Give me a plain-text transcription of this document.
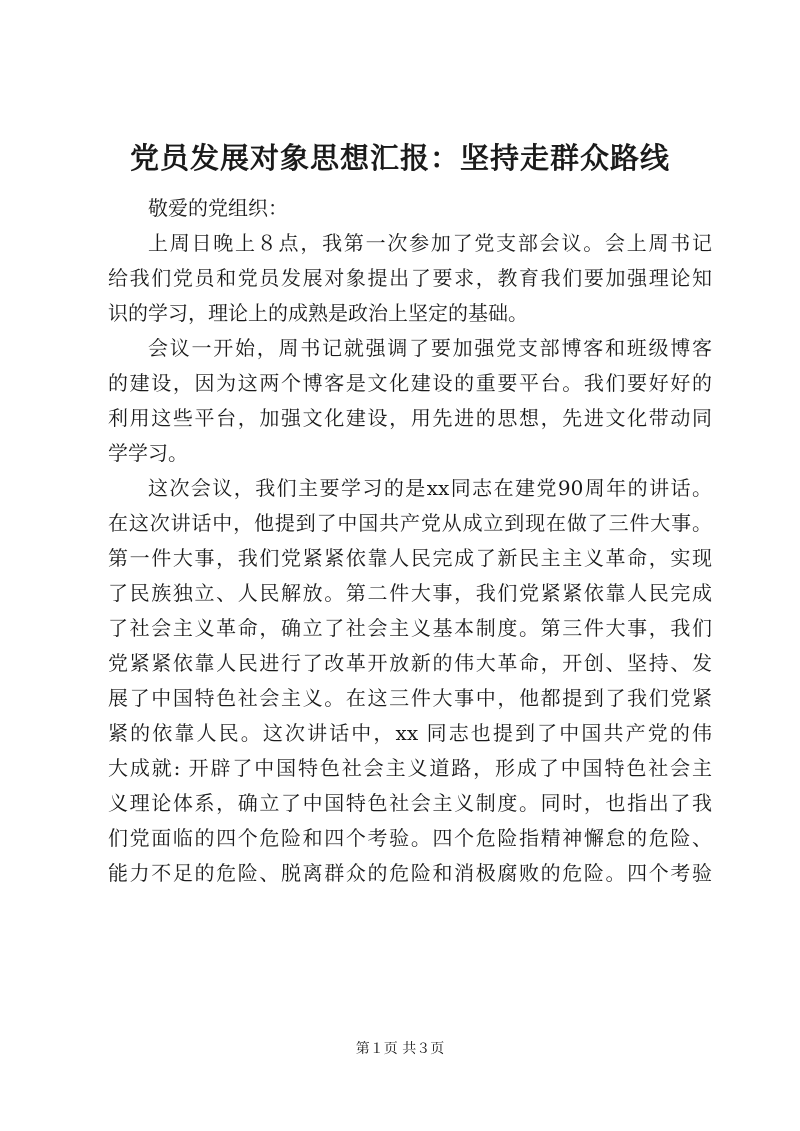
党员发展对象思想汇报：坚持走群众路线
敬爱的党组织：
上周日晚上８点，我第一次参加了党支部会议。会上周书记
给我们党员和党员发展对象提出了要求，教育我们要加强理论知
识的学习，理论上的成熟是政治上坚定的基础。
会议一开始，周书记就强调了要加强党支部博客和班级博客
的建设，因为这两个博客是文化建设的重要平台。我们要好好的
利用这些平台，加强文化建设，用先进的思想，先进文化带动同
学学习。
这次会议，我们主要学习的是xx同志在建党90周年的讲话。
在这次讲话中，他提到了中国共产党从成立到现在做了三件大事。
第一件大事，我们党紧紧依靠人民完成了新民主主义革命，实现
了民族独立、人民解放。第二件大事，我们党紧紧依靠人民完成
了社会主义革命，确立了社会主义基本制度。第三件大事，我们
党紧紧依靠人民进行了改革开放新的伟大革命，开创、坚持、发
展了中国特色社会主义。在这三件大事中，他都提到了我们党紧
紧的依靠人民。这次讲话中，xx 同志也提到了中国共产党的伟
大成就: 开辟了中国特色社会主义道路，形成了中国特色社会主
义理论体系，确立了中国特色社会主义制度。同时，也指出了我
们党面临的四个危险和四个考验。四个危险指精神懈怠的危险、
能力不足的危险、脱离群众的危险和消极腐败的危险。四个考验
第１页 共３页
